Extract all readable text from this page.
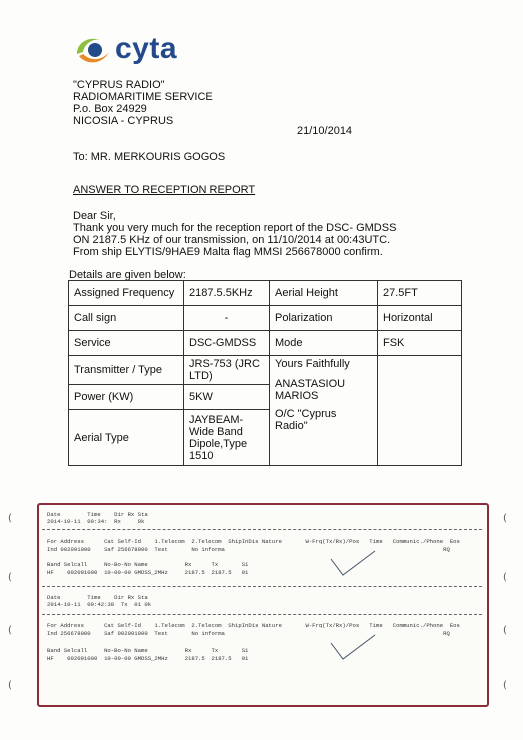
cyta
"CYPRUS RADIO"
RADIOMARITIME SERVICE
P.o. Box 24929
NICOSIA - CYPRUS
21/10/2014
To: MR. MERKOURIS GOGOS
ANSWER TO RECEPTION REPORT
Dear Sir,
Thank you very much for the reception report of the DSC- GMDSS
ON 2187.5 KHz of our transmission, on 11/10/2014 at 00:43UTC.
From ship ELYTIS/9HAE9 Malta flag MMSI 256678000 confirm.
Details are given below:
Assigned Frequency	2187.5.5KHz	Aerial Height	27.5FT
Call sign	-	Polarization	Horizontal
Service	DSC-GMDSS	Mode	FSK
Transmitter / Type	JRS-753 (JRC LTD)	Yours Faithfully
ANASTASIOU MARIOS
O/C "Cyprus Radio"	

Power (KW)	5KW		
Aerial Type	JAYBEAM- Wide Band Dipole,Type 1510		
(
(
(
(
(
(
(
(
Date        Time    Dir Rx Sta
2014-10-11  00:34:  Rx     0k
For Address      Cat Self-Id    1.Telecom  2.Telecom  ShipInDis Nature       W-Frq(Tx/Rx)/Pos   Time   Communic./Phone  Eos
Ind 002091000    Saf 256678000  Test       No informa                                                                 RQ
Band Selcall     No-Bo-No Name           Rx      Tx       S1
HF    002091000  10-00-00 GMDSS_2MHz     2187.5  2187.5   01
Date        Time    Dir Rx Sta
2014-10-11  00:42:38  Tx  01 0k
For Address      Cat Self-Id    1.Telecom  2.Telecom  ShipInDis Nature       W-Frq(Tx/Rx)/Pos   Time   Communic./Phone  Eos
Ind 256678000    Saf 002091000  Test       No informa                                                                 RQ
Band Selcall     No-Bo-No Name           Rx      Tx       S1
HF    002091000  10-00-00 GMDSS_2MHz     2187.5  2187.5   01
